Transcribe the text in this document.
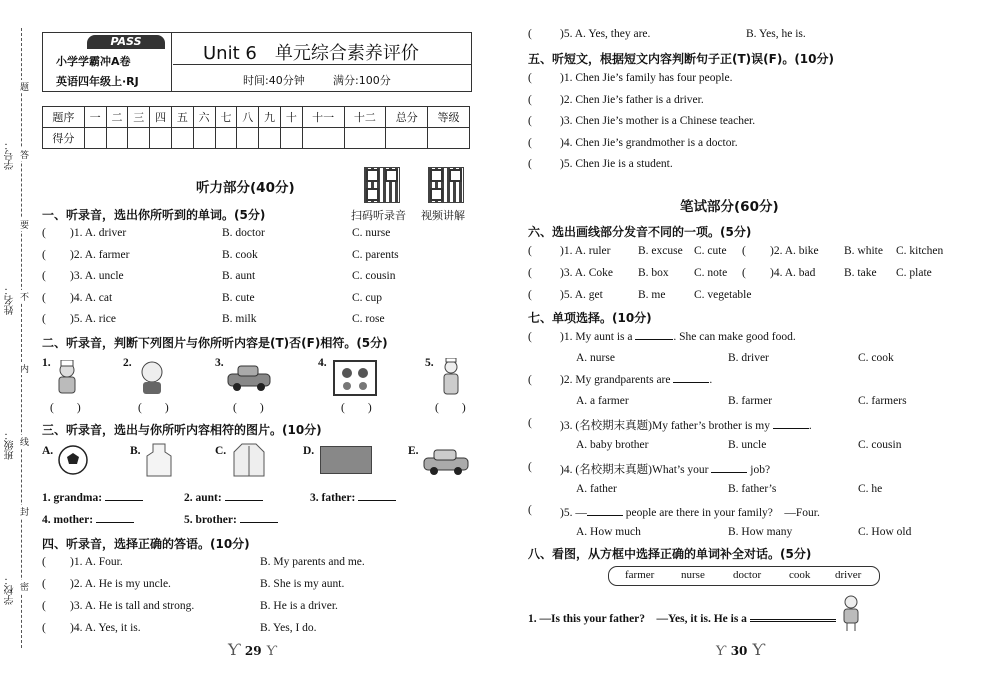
学校：
班级：
姓名：
学号：
密
封
线
内
不
要
答
题
PASS
小学学霸冲A卷
英语四年级上·RJ
Unit 6　单元综合素养评价
时间:40分钟	满分:100分
题序	一	二	三	四	五	六	七	八	九	十	十一	十二	总分	等级
得分														
听力部分(40分)
扫码听录音 视频讲解
一、听录音，选出你所听到的单词。(5分)
( )1. A. driver	B. doctor	C. nurse
( )2. A. farmer	B. cook	C. parents
( )3. A. uncle	B. aunt	C. cousin
( )4. A. cat	B. cute	C. cup
( )5. A. rice	B. milk	C. rose
二、听录音，判断下列图片与你所听内容是(T)否(F)相符。(5分)
1.	2.	3.	4.	5.
(　　)	(　　)	(　　)	(　　)	(　　)
三、听录音，选出与你所听内容相符的图片。(10分)
A.	B.	C.	D.	E.
1. grandma:	2. aunt:	3. father:
4. mother:	5. brother:
四、听录音，选择正确的答语。(10分)
( )1. A. Four.	B. My parents and me.
( )2. A. He is my uncle.	B. She is my aunt.
( )3. A. He is tall and strong.	B. He is a driver.
( )4. A. Yes, it is.	B. Yes, I do.
Ƴ 29 Ƴ
( )5. A. Yes, they are.	B. Yes, he is.
五、听短文，根据短文内容判断句子正(T)误(F)。(10分)
( )1. Chen Jie’s family has four people.
( )2. Chen Jie’s father is a driver.
( )3. Chen Jie’s mother is a Chinese teacher.
( )4. Chen Jie’s grandmother is a doctor.
( )5. Chen Jie is a student.
笔试部分(60分)
六、选出画线部分发音不同的一项。(5分)
( )1. A. ruler B. excuse C. cute ( )2. A. bike B. white C. kitchen
( )3. A. Coke B. box C. note ( )4. A. bad B. take C. plate
( )5. A. get	B. me C. vegetable
七、单项选择。(10分)
( )1. My aunt is a	. She can make good food.
A. nurse	B. driver	C. cook
( )2. My grandparents are	.
A. a farmer	B. farmer	C. farmers
( )3. (名校期末真题)My father’s brother is my	.
A. baby brother	B. uncle	C. cousin
( )4. (名校期末真题)What’s your	job?
A. father	B. father’s	C. he
( )5. —	people are there in your family?　—Four.
A. How much	B. How many	C. How old
八、看图，从方框中选择正确的单词补全对话。(5分)
farmer nurse	doctor	cook driver
1. —Is this your father?　—Yes, it is. He is a
Ƴ 30 Ƴ
